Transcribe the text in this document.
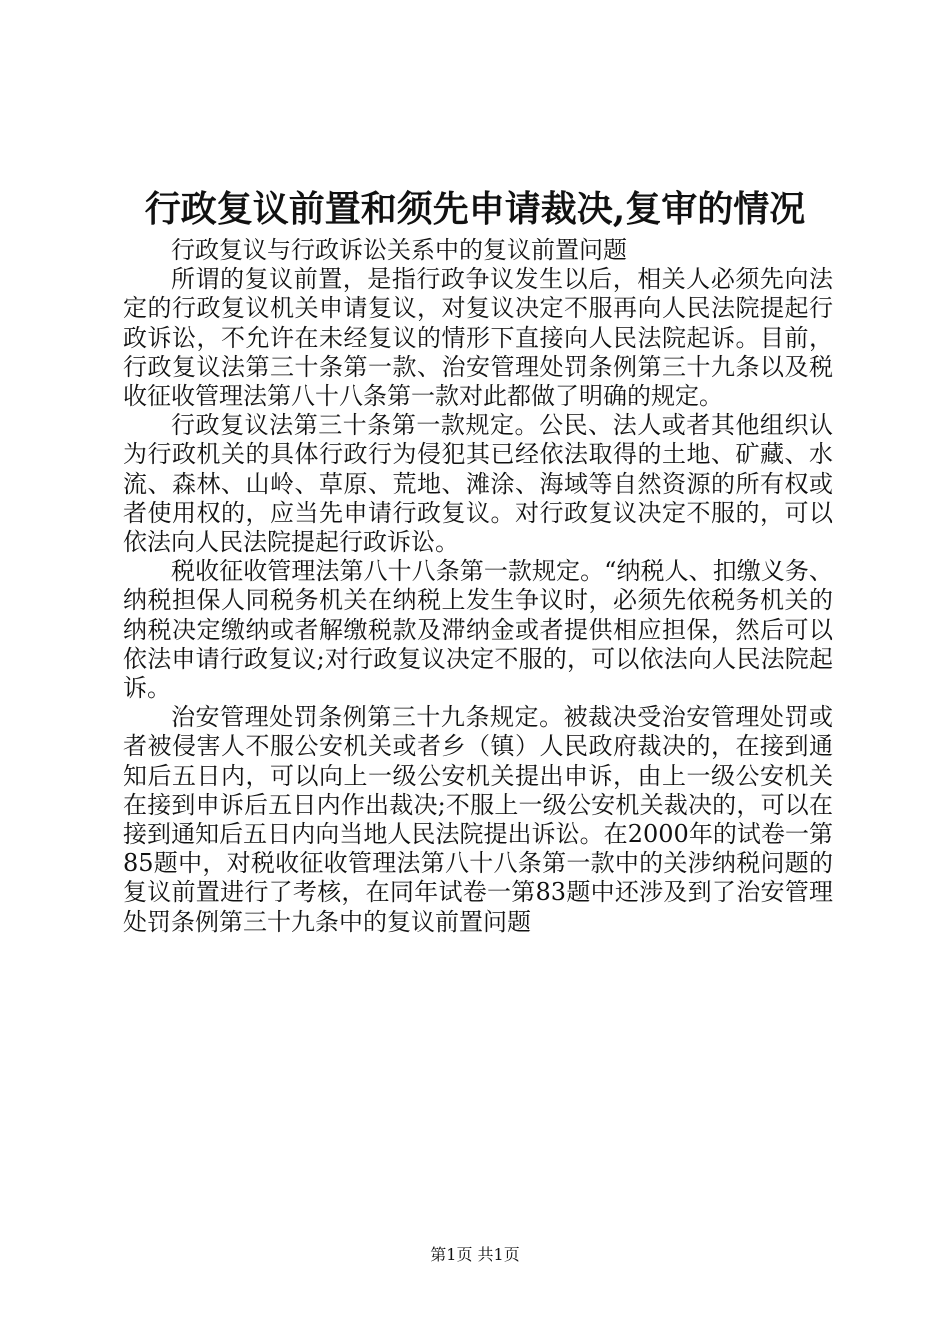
行政复议前置和须先申请裁决,复审的情况

行政复议与行政诉讼关系中的复议前置问题

所谓的复议前置，是指行政争议发生以后，相关人必须先向法定的行政复议机关申请复议，对复议决定不服再向人民法院提起行政诉讼，不允许在未经复议的情形下直接向人民法院起诉。目前，行政复议法第三十条第一款、治安管理处罚条例第三十九条以及税收征收管理法第八十八条第一款对此都做了明确的规定。

行政复议法第三十条第一款规定。公民、法人或者其他组织认为行政机关的具体行政行为侵犯其已经依法取得的土地、矿藏、水流、森林、山岭、草原、荒地、滩涂、海域等自然资源的所有权或者使用权的，应当先申请行政复议。对行政复议决定不服的，可以依法向人民法院提起行政诉讼。

税收征收管理法第八十八条第一款规定。“纳税人、扣缴义务、纳税担保人同税务机关在纳税上发生争议时，必须先依税务机关的纳税决定缴纳或者解缴税款及滞纳金或者提供相应担保，然后可以依法申请行政复议;对行政复议决定不服的，可以依法向人民法院起诉。

治安管理处罚条例第三十九条规定。被裁决受治安管理处罚或者被侵害人不服公安机关或者乡（镇）人民政府裁决的，在接到通知后五日内，可以向上一级公安机关提出申诉，由上一级公安机关在接到申诉后五日内作出裁决;不服上一级公安机关裁决的，可以在接到通知后五日内向当地人民法院提出诉讼。在2000年的试卷一第85题中，对税收征收管理法第八十八条第一款中的关涉纳税问题的复议前置进行了考核，在同年试卷一第83题中还涉及到了治安管理处罚条例第三十九条中的复议前置问题

第1页 共1页
